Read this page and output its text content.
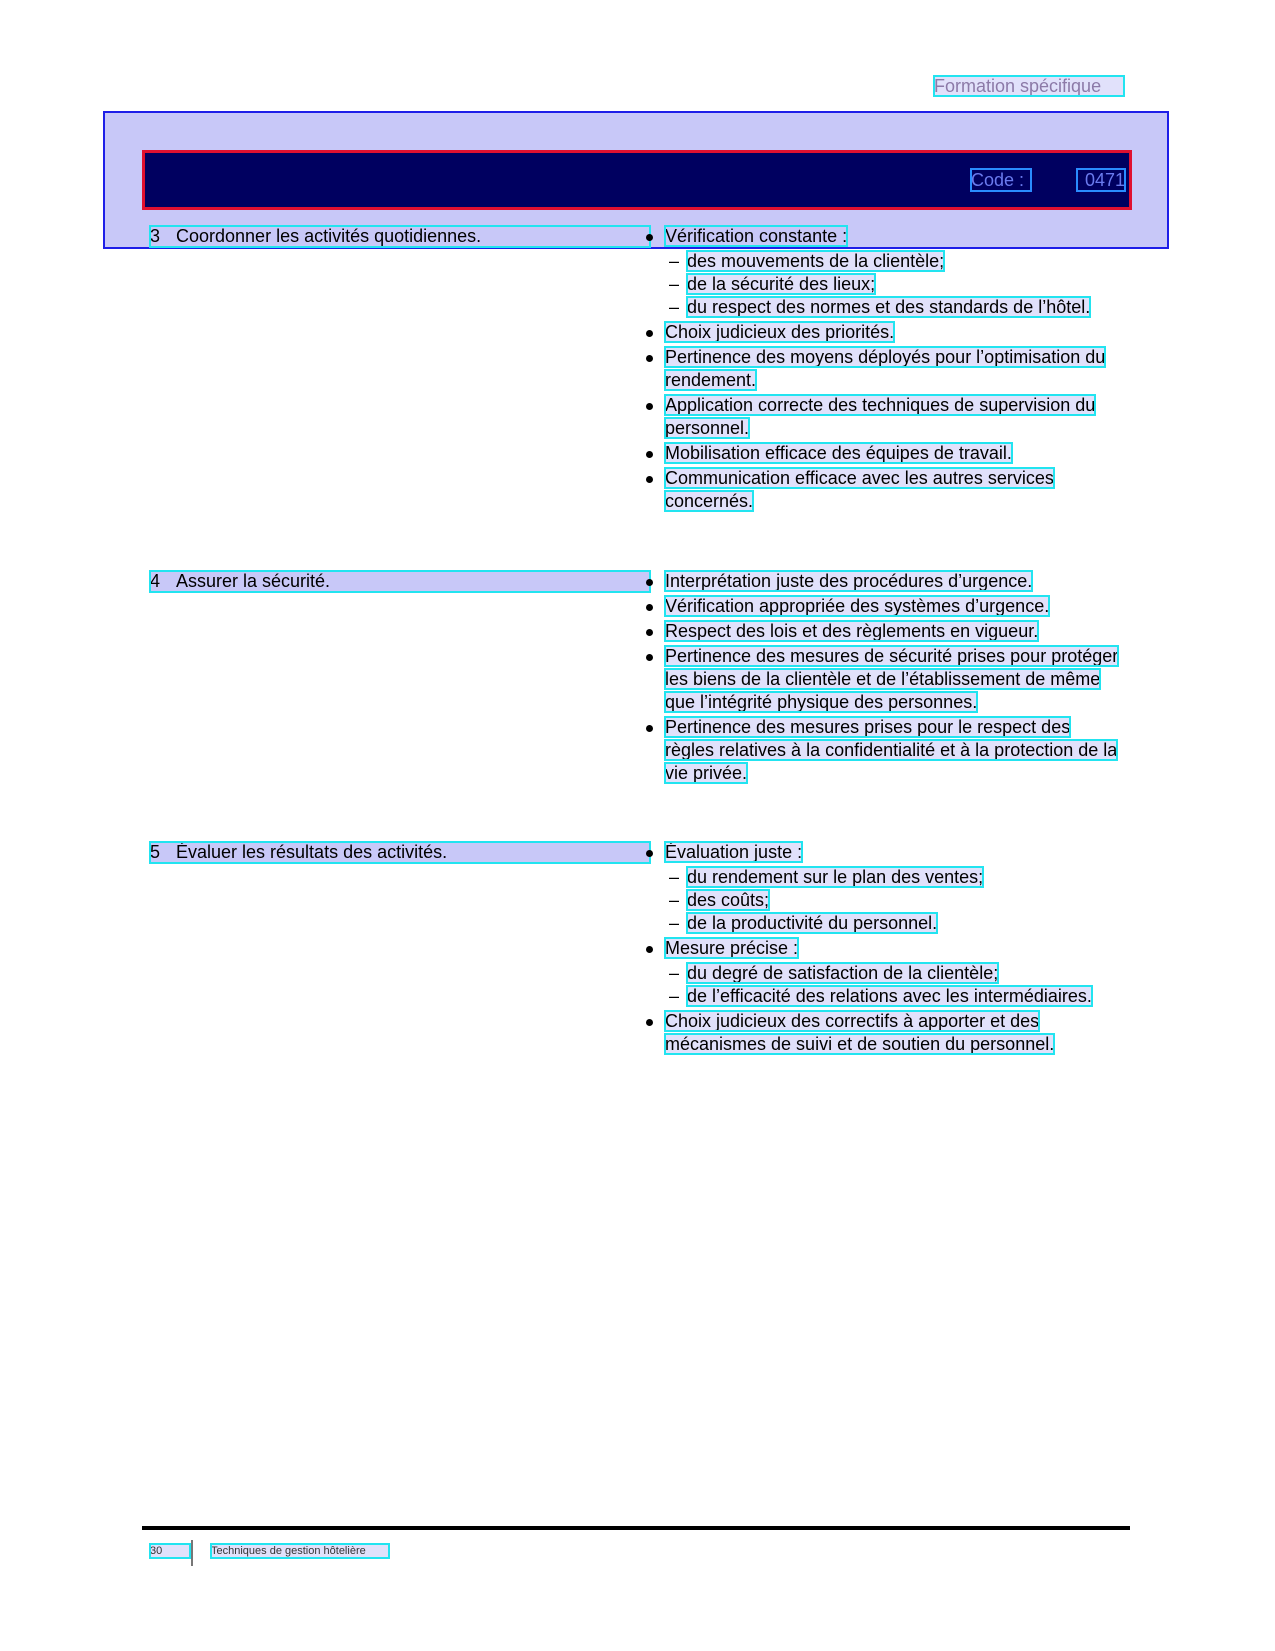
Formation spécifique
Code :	0471
3 Coordonner les activités quotidiennes.	Vérification constante :
– des mouvements de la clientèle;
– de la sécurité des lieux;
– du respect des normes et des standards de l’hôtel.
Choix judicieux des priorités.
Pertinence des moyens déployés pour l’optimisation du rendement.
Application correcte des techniques de supervision du personnel.
Mobilisation efficace des équipes de travail.
Communication efficace avec les autres services concernés.
4 Assurer la sécurité.	Interprétation juste des procédures d’urgence.
Vérification appropriée des systèmes d’urgence.
Respect des lois et des règlements en vigueur.
Pertinence des mesures de sécurité prises pour protéger les biens de la clientèle et de l’établissement de même que l’intégrité physique des personnes.
Pertinence des mesures prises pour le respect des règles relatives à la confidentialité et à la protection de la vie privée.
5 Évaluer les résultats des activités.	Évaluation juste :
– du rendement sur le plan des ventes;
– des coûts;
– de la productivité du personnel.
Mesure précise :
– du degré de satisfaction de la clientèle;
– de l’efficacité des relations avec les intermédiaires.
Choix judicieux des correctifs à apporter et des mécanismes de suivi et de soutien du personnel.
30	Techniques de gestion hôtelière
